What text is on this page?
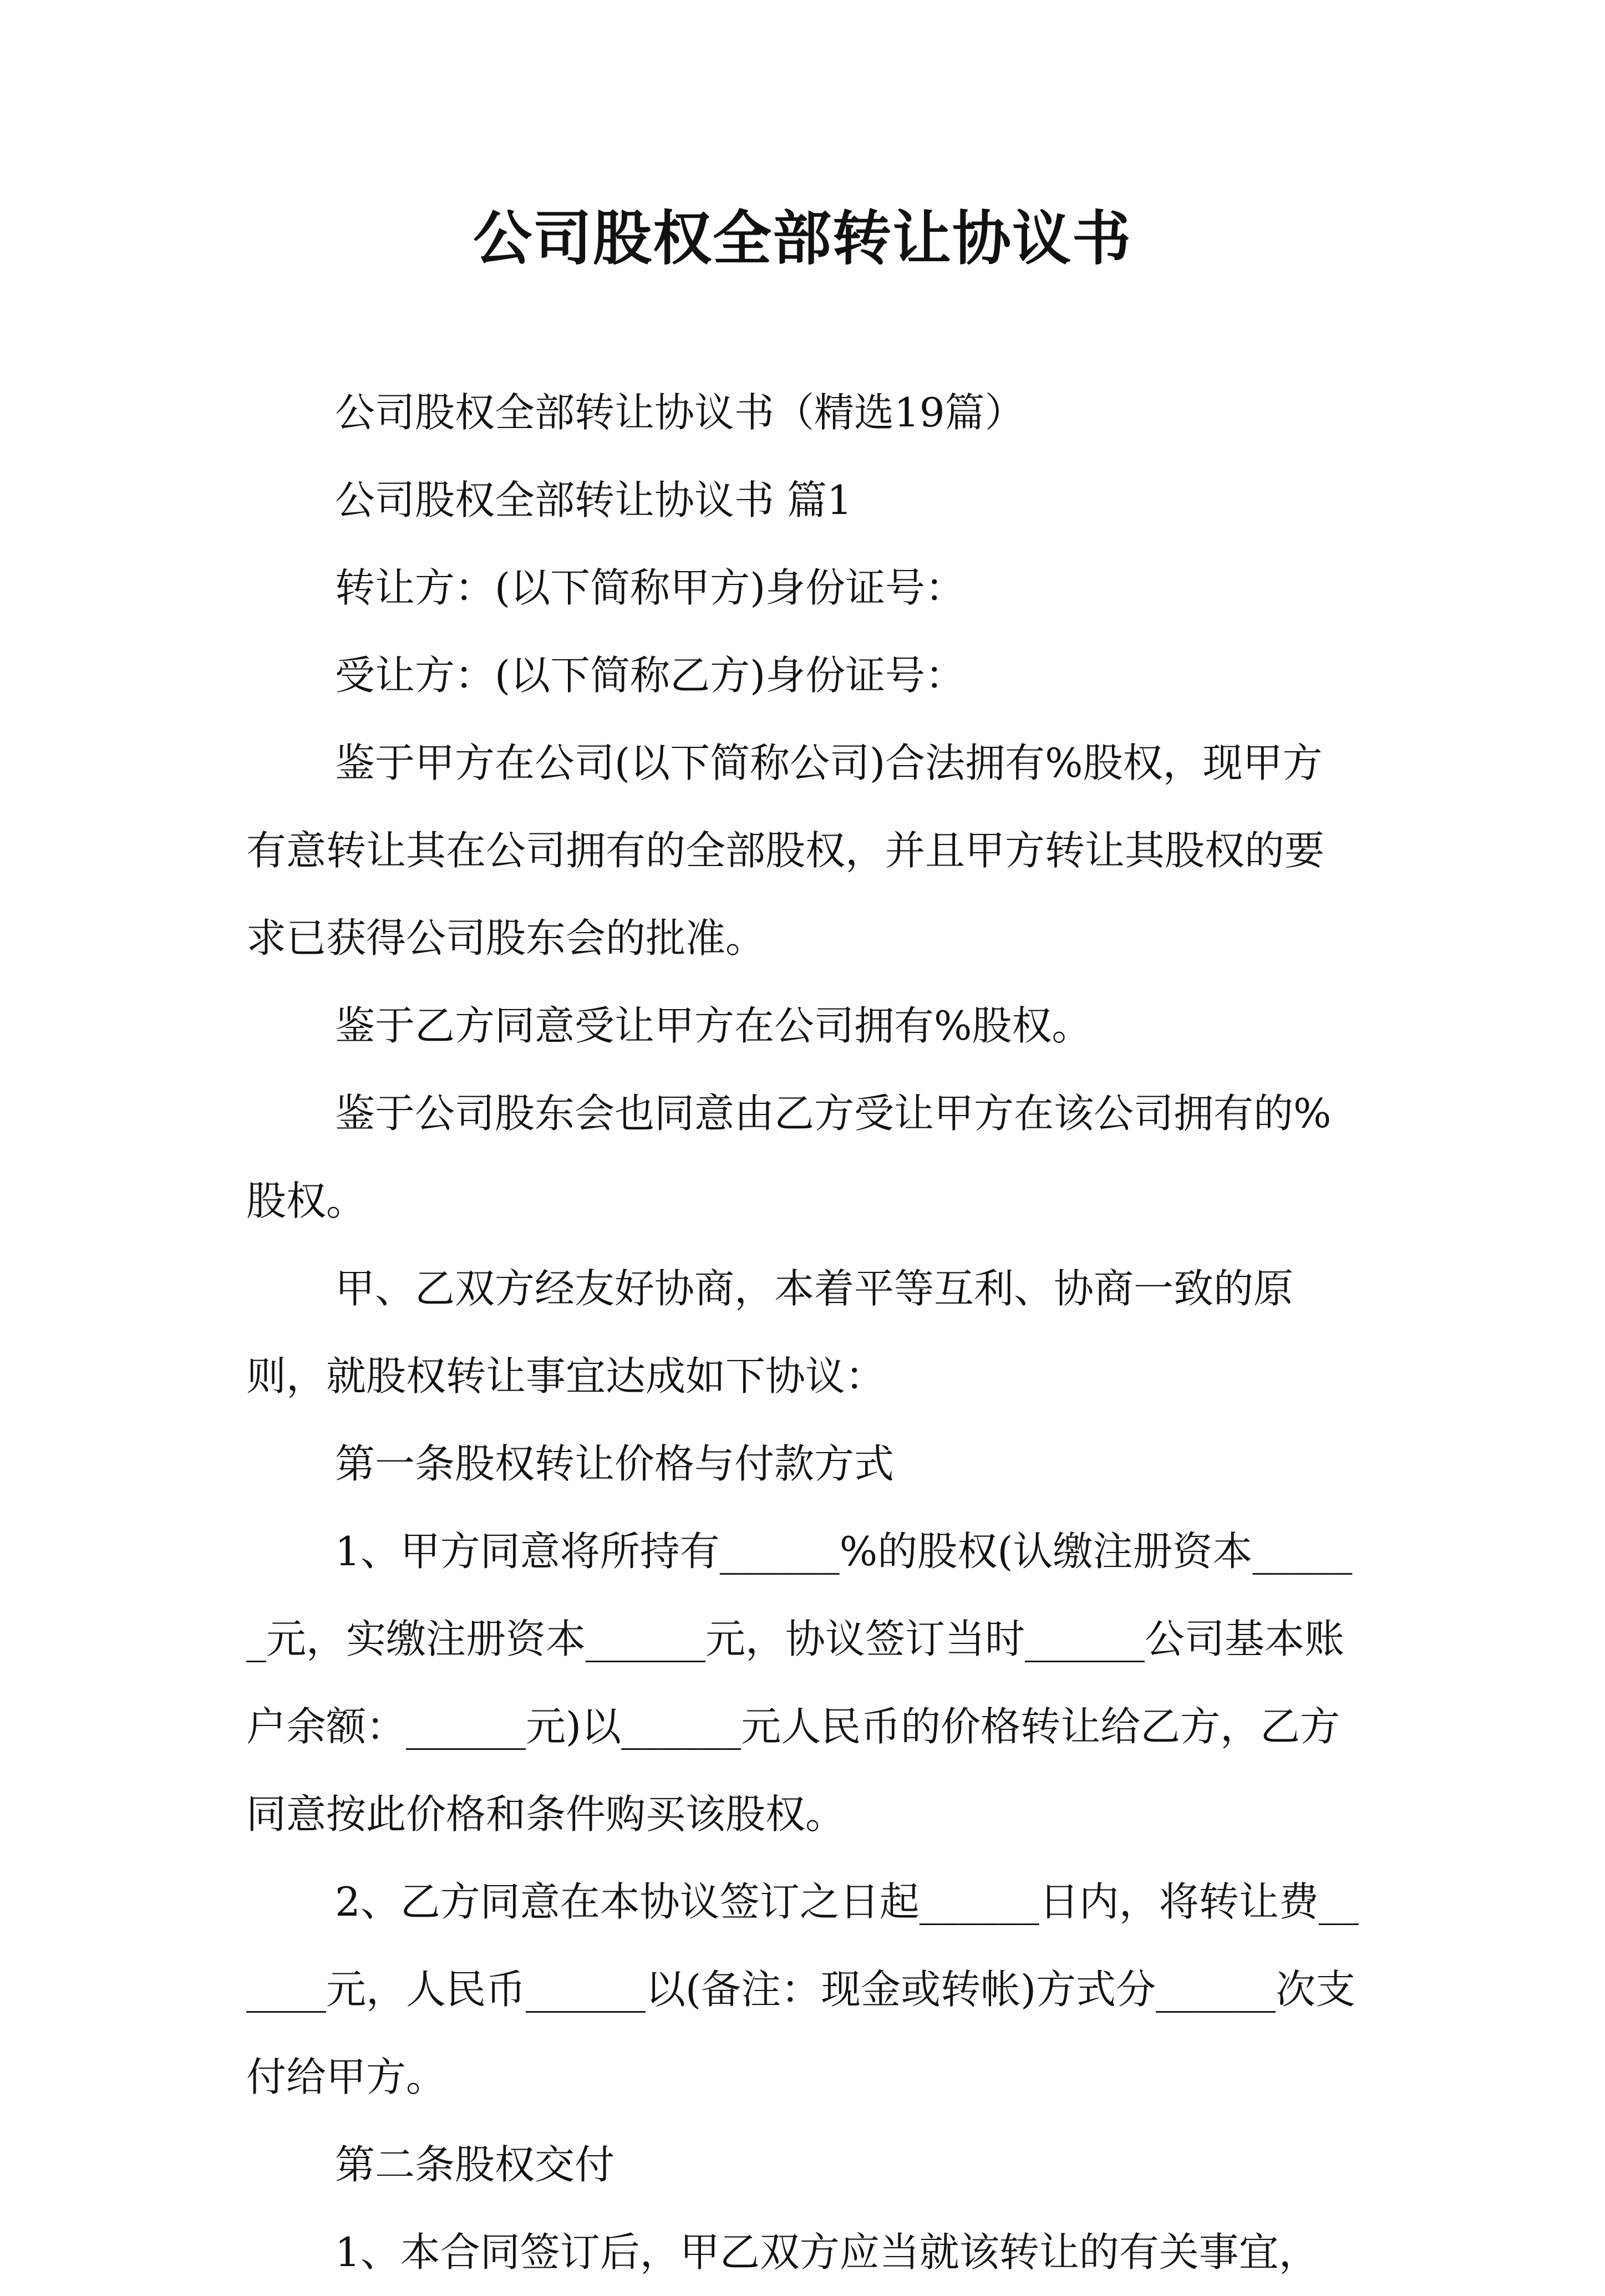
公司股权全部转让协议书

公司股权全部转让协议书（精选19篇）

公司股权全部转让协议书 篇1

转让方：(以下简称甲方)身份证号：

受让方：(以下简称乙方)身份证号：

鉴于甲方在公司(以下简称公司)合法拥有%股权，现甲方有意转让其在公司拥有的全部股权，并且甲方转让其股权的要求已获得公司股东会的批准。

鉴于乙方同意受让甲方在公司拥有%股权。

鉴于公司股东会也同意由乙方受让甲方在该公司拥有的%股权。

甲、乙双方经友好协商，本着平等互利、协商一致的原则，就股权转让事宜达成如下协议：

第一条股权转让价格与付款方式

1、甲方同意将所持有______%的股权(认缴注册资本______元，实缴注册资本______元，协议签订当时______公司基本账户余额：______元)以______元人民币的价格转让给乙方，乙方同意按此价格和条件购买该股权。

2、乙方同意在本协议签订之日起______日内，将转让费______元，人民币______以(备注：现金或转帐)方式分______次支付给甲方。

第二条股权交付

1、本合同签订后，甲乙双方应当就该转让的有关事宜，
